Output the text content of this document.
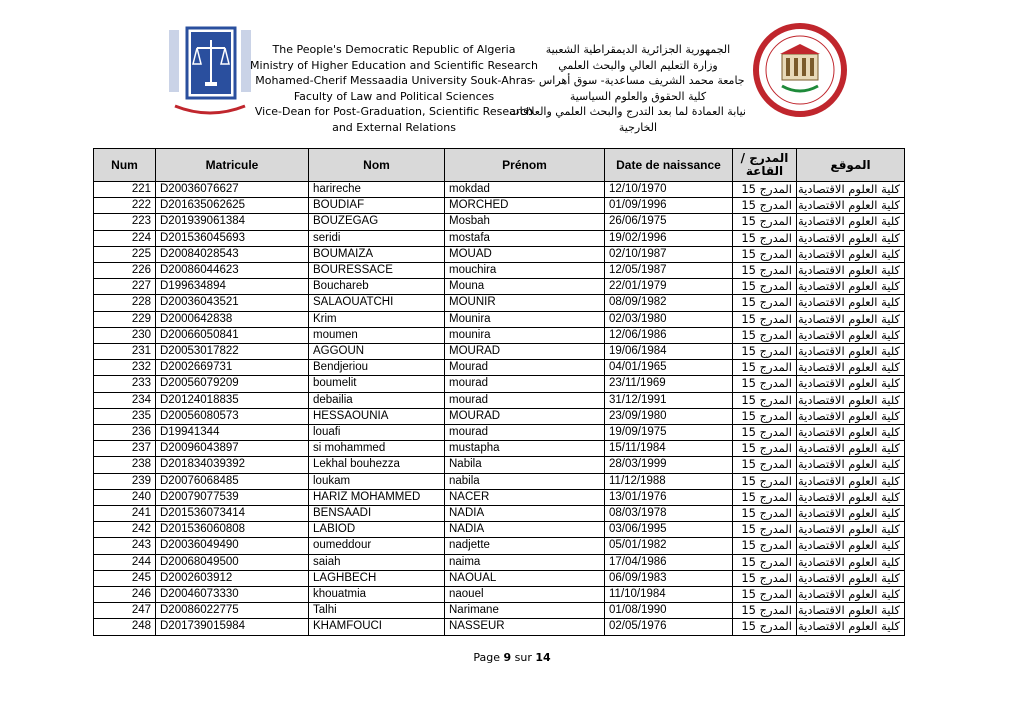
The People's Democratic Republic of Algeria
Ministry of Higher Education and Scientific Research
Mohamed-Cherif Messaadia University Souk-Ahras
Faculty of Law and Political Sciences
Vice-Dean for Post-Graduation, Scientific Research
and External Relations
الجمهورية الجزائرية الديمقراطية الشعبية
وزارة التعليم العالي والبحث العلمي
جامعة محمد الشريف مساعدية- سوق أهراس -
كلية الحقوق والعلوم السياسية
نيابة العمادة لما بعد التدرج والبحث العلمي والعلاقات
الخارجية
Num	Matricule	Nom	Prénom	Date de naissance	المدرج / القاعة	الموقع
221	D20036076627	harireche	mokdad	12/10/1970	المدرج 15	كلية العلوم الاقتصادية
222	D201635062625	BOUDIAF	MORCHED	01/09/1996	المدرج 15	كلية العلوم الاقتصادية
223	D201939061384	BOUZEGAG	Mosbah	26/06/1975	المدرج 15	كلية العلوم الاقتصادية
224	D201536045693	seridi	mostafa	19/02/1996	المدرج 15	كلية العلوم الاقتصادية
225	D20084028543	BOUMAIZA	MOUAD	02/10/1987	المدرج 15	كلية العلوم الاقتصادية
226	D20086044623	BOURESSACE	mouchira	12/05/1987	المدرج 15	كلية العلوم الاقتصادية
227	D199634894	Bouchareb	Mouna	22/01/1979	المدرج 15	كلية العلوم الاقتصادية
228	D20036043521	SALAOUATCHI	MOUNIR	08/09/1982	المدرج 15	كلية العلوم الاقتصادية
229	D2000642838	Krim	Mounira	02/03/1980	المدرج 15	كلية العلوم الاقتصادية
230	D20066050841	moumen	mounira	12/06/1986	المدرج 15	كلية العلوم الاقتصادية
231	D20053017822	AGGOUN	MOURAD	19/06/1984	المدرج 15	كلية العلوم الاقتصادية
232	D2002669731	Bendjeriou	Mourad	04/01/1965	المدرج 15	كلية العلوم الاقتصادية
233	D20056079209	boumelit	mourad	23/11/1969	المدرج 15	كلية العلوم الاقتصادية
234	D20124018835	debailia	mourad	31/12/1991	المدرج 15	كلية العلوم الاقتصادية
235	D20056080573	HESSAOUNIA	MOURAD	23/09/1980	المدرج 15	كلية العلوم الاقتصادية
236	D19941344	louafi	mourad	19/09/1975	المدرج 15	كلية العلوم الاقتصادية
237	D20096043897	si mohammed	mustapha	15/11/1984	المدرج 15	كلية العلوم الاقتصادية
238	D201834039392	Lekhal bouhezza	Nabila	28/03/1999	المدرج 15	كلية العلوم الاقتصادية
239	D20076068485	loukam	nabila	11/12/1988	المدرج 15	كلية العلوم الاقتصادية
240	D20079077539	HARIZ MOHAMMED	NACER	13/01/1976	المدرج 15	كلية العلوم الاقتصادية
241	D201536073414	BENSAADI	NADIA	08/03/1978	المدرج 15	كلية العلوم الاقتصادية
242	D201536060808	LABIOD	NADIA	03/06/1995	المدرج 15	كلية العلوم الاقتصادية
243	D20036049490	oumeddour	nadjette	05/01/1982	المدرج 15	كلية العلوم الاقتصادية
244	D20068049500	saiah	naima	17/04/1986	المدرج 15	كلية العلوم الاقتصادية
245	D2002603912	LAGHBECH	NAOUAL	06/09/1983	المدرج 15	كلية العلوم الاقتصادية
246	D20046073330	khouatmia	naouel	11/10/1984	المدرج 15	كلية العلوم الاقتصادية
247	D20086022775	Talhi	Narimane	01/08/1990	المدرج 15	كلية العلوم الاقتصادية
248	D201739015984	KHAMFOUCI	NASSEUR	02/05/1976	المدرج 15	كلية العلوم الاقتصادية
Page 9 sur 14
